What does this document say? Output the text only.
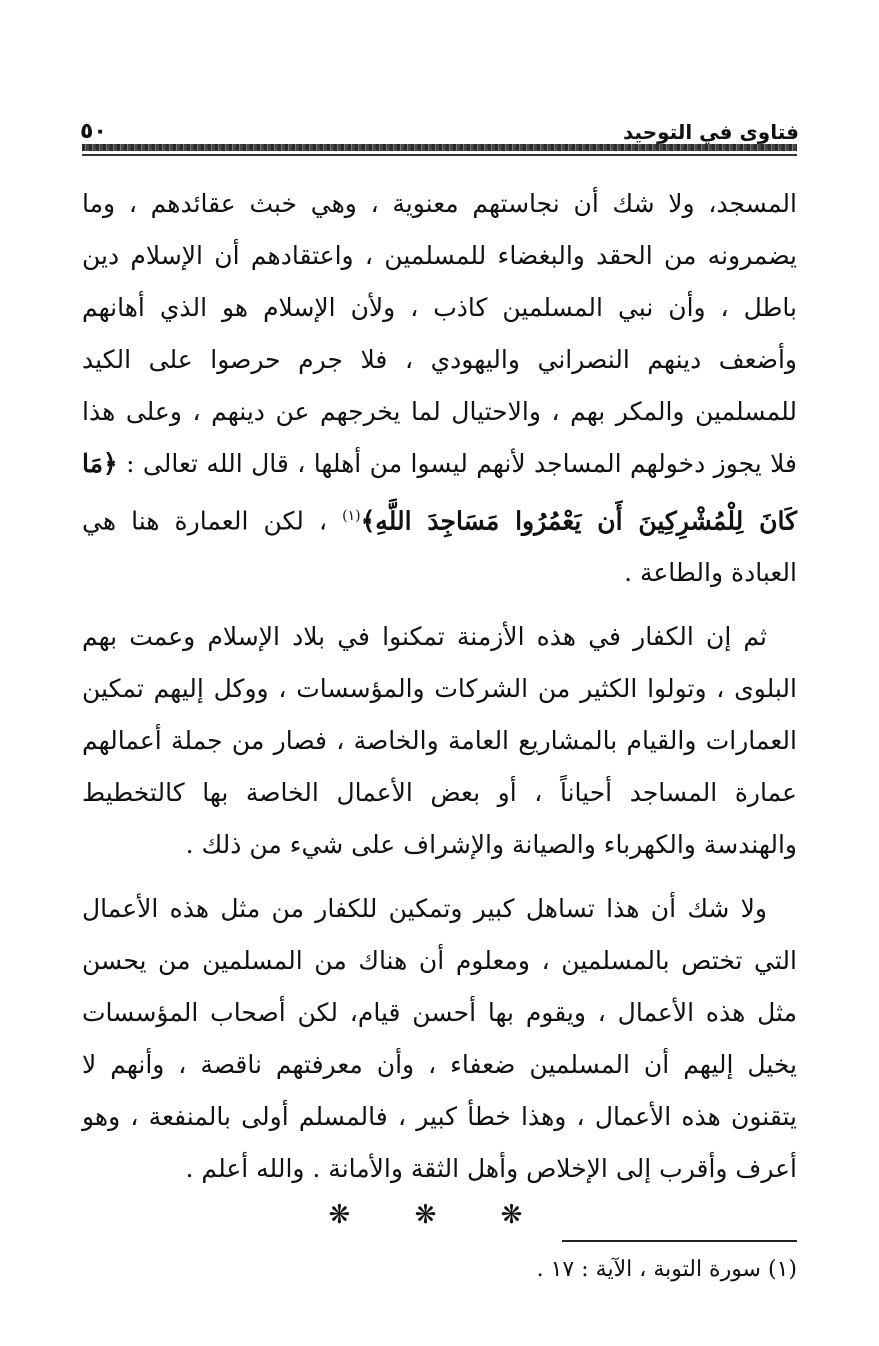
٥٠	فتاوى في التوحيد

المسجد، ولا شك أن نجاستهم معنوية ، وهي خبث عقائدهم ، وما يضمرونه من الحقد والبغضاء للمسلمين ، واعتقادهم أن الإسلام دين باطل ، وأن نبي المسلمين كاذب ، ولأن الإسلام هو الذي أهانهم وأضعف دينهم النصراني واليهودي ، فلا جرم حرصوا على الكيد للمسلمين والمكر بهم ، والاحتيال لما يخرجهم عن دينهم ، وعلى هذا فلا يجوز دخولهم المساجد لأنهم ليسوا من أهلها ، قال الله تعالى : ﴿مَا كَانَ لِلْمُشْرِكِينَ أَن يَعْمُرُوا مَسَاجِدَ اللَّهِ﴾$^{(١)}$ ، لكن العمارة هنا هي العبادة والطاعة .

ثم إن الكفار في هذه الأزمنة تمكنوا في بلاد الإسلام وعمت بهم البلوى ، وتولوا الكثير من الشركات والمؤسسات ، ووكل إليهم تمكين العمارات والقيام بالمشاريع العامة والخاصة ، فصار من جملة أعمالهم عمارة المساجد أحياناً ، أو بعض الأعمال الخاصة بها كالتخطيط والهندسة والكهرباء والصيانة والإشراف على شيء من ذلك .

ولا شك أن هذا تساهل كبير وتمكين للكفار من مثل هذه الأعمال التي تختص بالمسلمين ، ومعلوم أن هناك من المسلمين من يحسن مثل هذه الأعمال ، ويقوم بها أحسن قيام، لكن أصحاب المؤسسات يخيل إليهم أن المسلمين ضعفاء ، وأن معرفتهم ناقصة ، وأنهم لا يتقنون هذه الأعمال ، وهذا خطأ كبير ، فالمسلم أولى بالمنفعة ، وهو أعرف وأقرب إلى الإخلاص وأهل الثقة والأمانة . والله أعلم .

❋ ❋ ❋
(١) سورة التوبة ، الآية : ١٧ .
